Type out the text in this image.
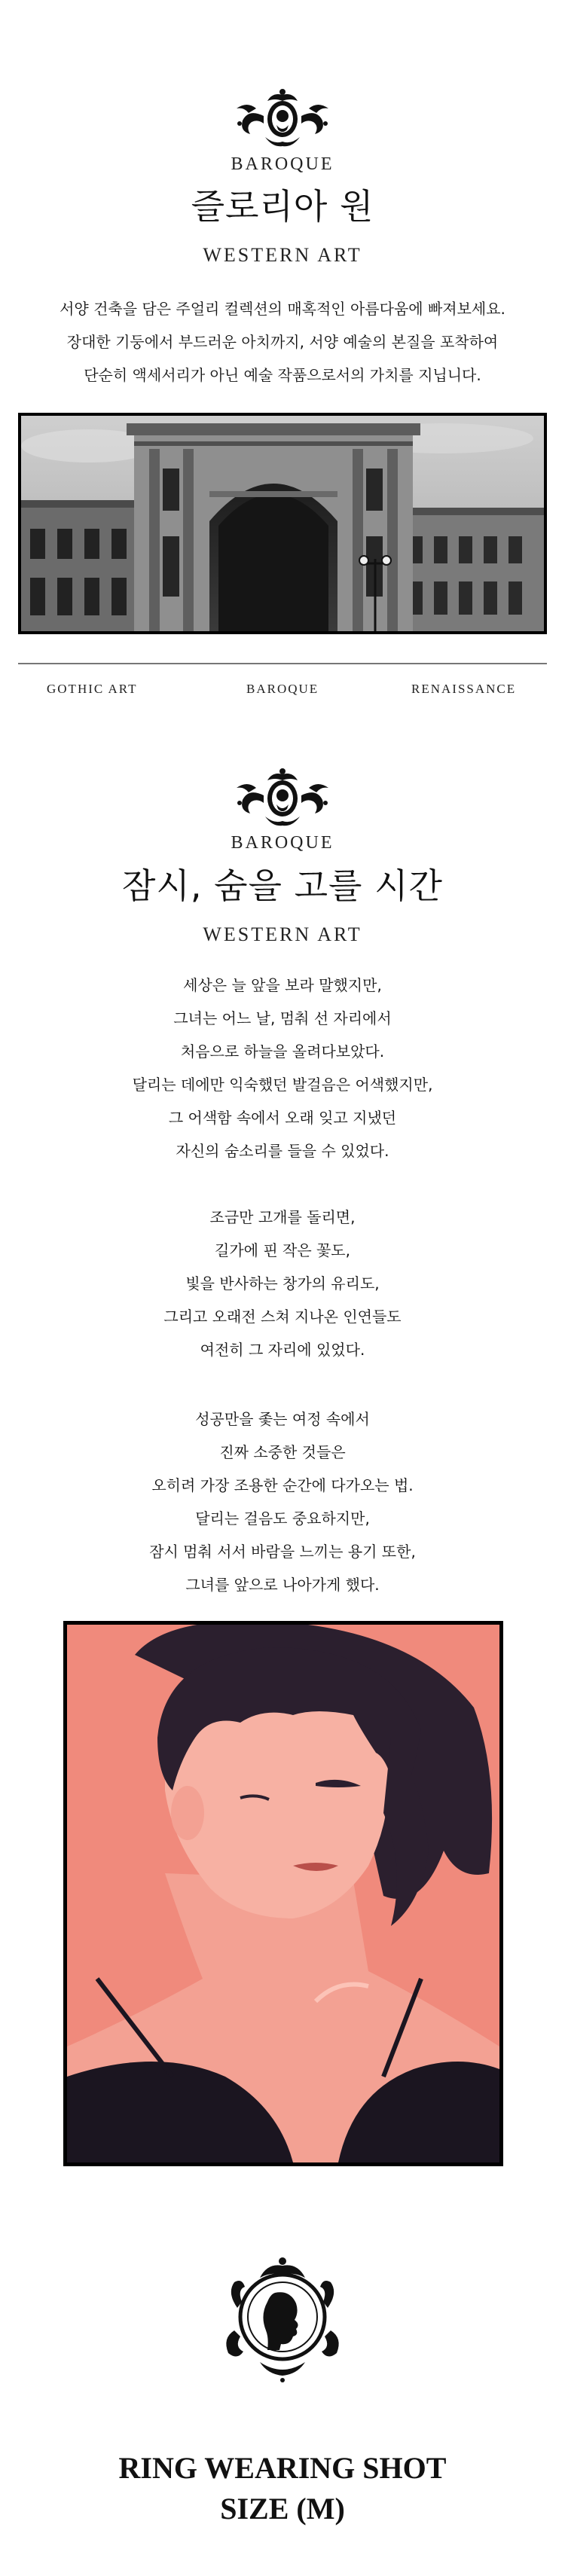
BAROQUE
즐로리아 원
WESTERN ART
서양 건축을 담은 주얼리 컬렉션의 매혹적인 아름다움에 빠져보세요.
장대한 기둥에서 부드러운 아치까지, 서양 예술의 본질을 포착하여
단순히 액세서리가 아닌 예술 작품으로서의 가치를 지닙니다.
GOTHIC ART	BAROQUE	RENAISSANCE
BAROQUE
잠시, 숨을 고를 시간
WESTERN ART
세상은 늘 앞을 보라 말했지만,
그녀는 어느 날, 멈춰 선 자리에서
처음으로 하늘을 올려다보았다.
달리는 데에만 익숙했던 발걸음은 어색했지만,
그 어색함 속에서 오래 잊고 지냈던
자신의 숨소리를 들을 수 있었다.
조금만 고개를 돌리면,
길가에 핀 작은 꽃도,
빛을 반사하는 창가의 유리도,
그리고 오래전 스쳐 지나온 인연들도
여전히 그 자리에 있었다.
성공만을 좇는 여정 속에서
진짜 소중한 것들은
오히려 가장 조용한 순간에 다가오는 법.
달리는 걸음도 중요하지만,
잠시 멈춰 서서 바람을 느끼는 용기 또한,
그녀를 앞으로 나아가게 했다.
RING WEARING SHOT
SIZE (M)
